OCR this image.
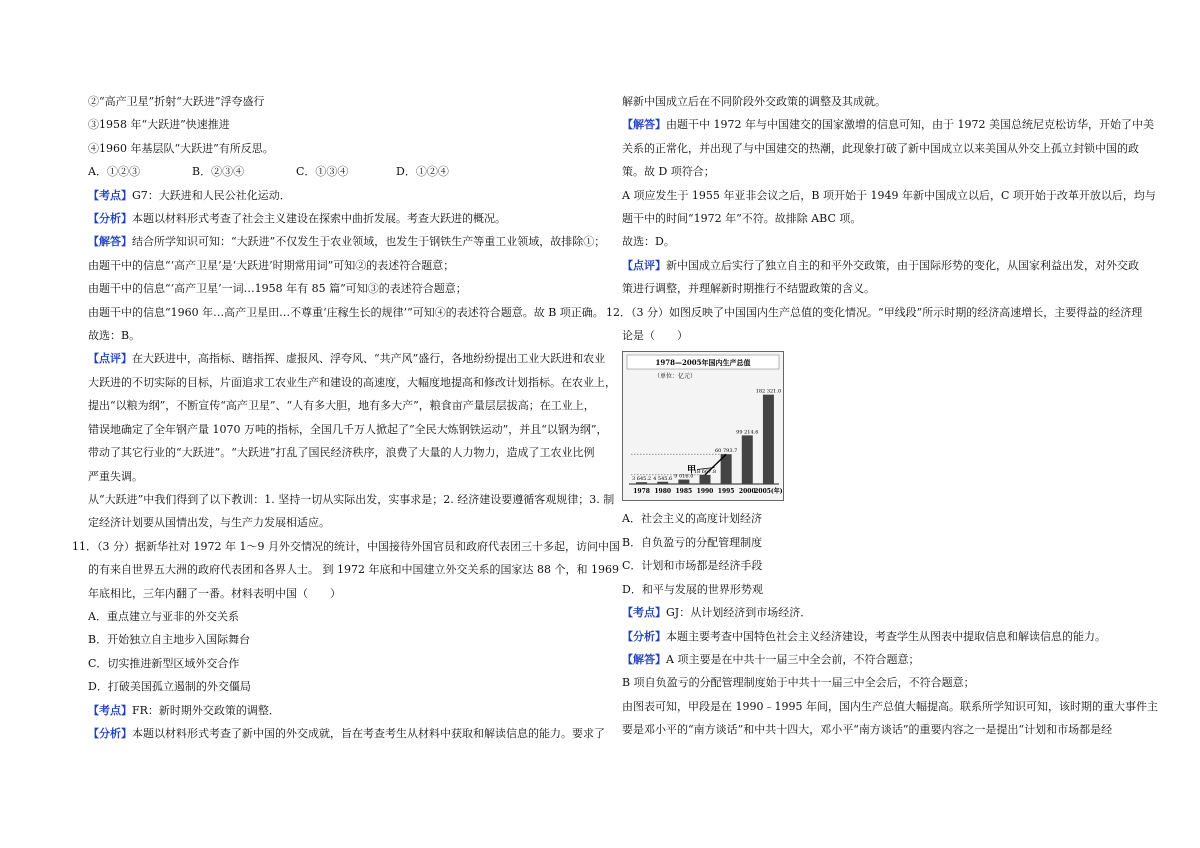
②“高产卫星”折射“大跃进”浮夸盛行
③1958 年“大跃进”快速推进
④1960 年基层队“大跃进”有所反思。
A．①②③	B．②③④	C．①③④	D．①②④
【考点】G7：大跃进和人民公社化运动．
【分析】本题以材料形式考查了社会主义建设在探索中曲折发展。考查大跃进的概况。
【解答】结合所学知识可知：“大跃进”不仅发生于农业领域，也发生于钢铁生产等重工业领域，故排除①；
由题干中的信息“‘高产卫星’是‘大跃进’时期常用词”可知②的表述符合题意；
由题干中的信息“‘高产卫星’一词…1958 年有 85 篇”可知③的表述符合题意；
由题干中的信息“1960 年…高产卫星田…不尊重‘庄稼生长的规律’”可知④的表述符合题意。故 B 项正确。
故选：B。
【点评】在大跃进中，高指标、瞎指挥、虚报风、浮夸风、“共产风”盛行，各地纷纷提出工业大跃进和农业
大跃进的不切实际的目标，片面追求工农业生产和建设的高速度，大幅度地提高和修改计划指标。在农业上，
提出“以粮为纲”，不断宣传“高产卫星”、“人有多大胆，地有多大产”，粮食亩产量层层拔高；在工业上，
错误地确定了全年钢产量 1070 万吨的指标，全国几千万人掀起了“全民大炼钢铁运动”，并且“以钢为纲”，
带动了其它行业的“大跃进”。“大跃进”打乱了国民经济秩序，浪费了大量的人力物力，造成了工农业比例
严重失调。
从“大跃进”中我们得到了以下教训：1. 坚持一切从实际出发，实事求是；2. 经济建设要遵循客观规律；3. 制
定经济计划要从国情出发，与生产力发展相适应。
11．（3 分）据新华社对 1972 年 1～9 月外交情况的统计，中国接待外国官员和政府代表团三十多起，访问中国
的有来自世界五大洲的政府代表团和各界人士。 到 1972 年底和中国建立外交关系的国家达 88 个，和 1969
年底相比，三年内翻了一番。材料表明中国（　　）
A．重点建立与亚非的外交关系
B．开始独立自主地步入国际舞台
C．切实推进新型区域外交合作
D．打破美国孤立遏制的外交僵局
【考点】FR：新时期外交政策的调整．
【分析】本题以材料形式考查了新中国的外交成就，旨在考查考生从材料中获取和解读信息的能力。要求了
解新中国成立后在不同阶段外交政策的调整及其成就。
【解答】由题干中 1972 年与中国建交的国家激增的信息可知，由于 1972 美国总统尼克松访华，开始了中美
关系的正常化，并出现了与中国建交的热潮，此现象打破了新中国成立以来美国从外交上孤立封锁中国的政
策。故 D 项符合；
A 项应发生于 1955 年亚非会议之后，B 项开始于 1949 年新中国成立以后，C 项开始于改革开放以后，均与
题干中的时间“1972 年”不符。故排除 ABC 项。
故选：D。
【点评】新中国成立后实行了独立自主的和平外交政策，由于国际形势的变化，从国家利益出发，对外交政
策进行调整，并理解新时期推行不结盟政策的含义。
12．（3 分）如图反映了中国国内生产总值的变化情况。“甲线段”所示时期的经济高速增长，主要得益的经济理
论是（　　）
1978—2005年国内生产总值
（单位：亿元）
3 645.2
1978
4 545.6
1980
9 016.0
1985
18 667.8
1990
60 793.7
1995
99 214.6
2000
182 321.0
2005(年)
甲
A．社会主义的高度计划经济
B．自负盈亏的分配管理制度
C．计划和市场都是经济手段
D．和平与发展的世界形势观
【考点】GJ：从计划经济到市场经济．
【分析】本题主要考查中国特色社会主义经济建设，考查学生从图表中提取信息和解读信息的能力。
【解答】A 项主要是在中共十一届三中全会前，不符合题意；
B 项自负盈亏的分配管理制度始于中共十一届三中全会后，不符合题意；
由图表可知，甲段是在 1990﹣1995 年间，国内生产总值大幅提高。联系所学知识可知，该时期的重大事件主
要是邓小平的“南方谈话”和中共十四大，邓小平“南方谈话”的重要内容之一是提出“计划和市场都是经
